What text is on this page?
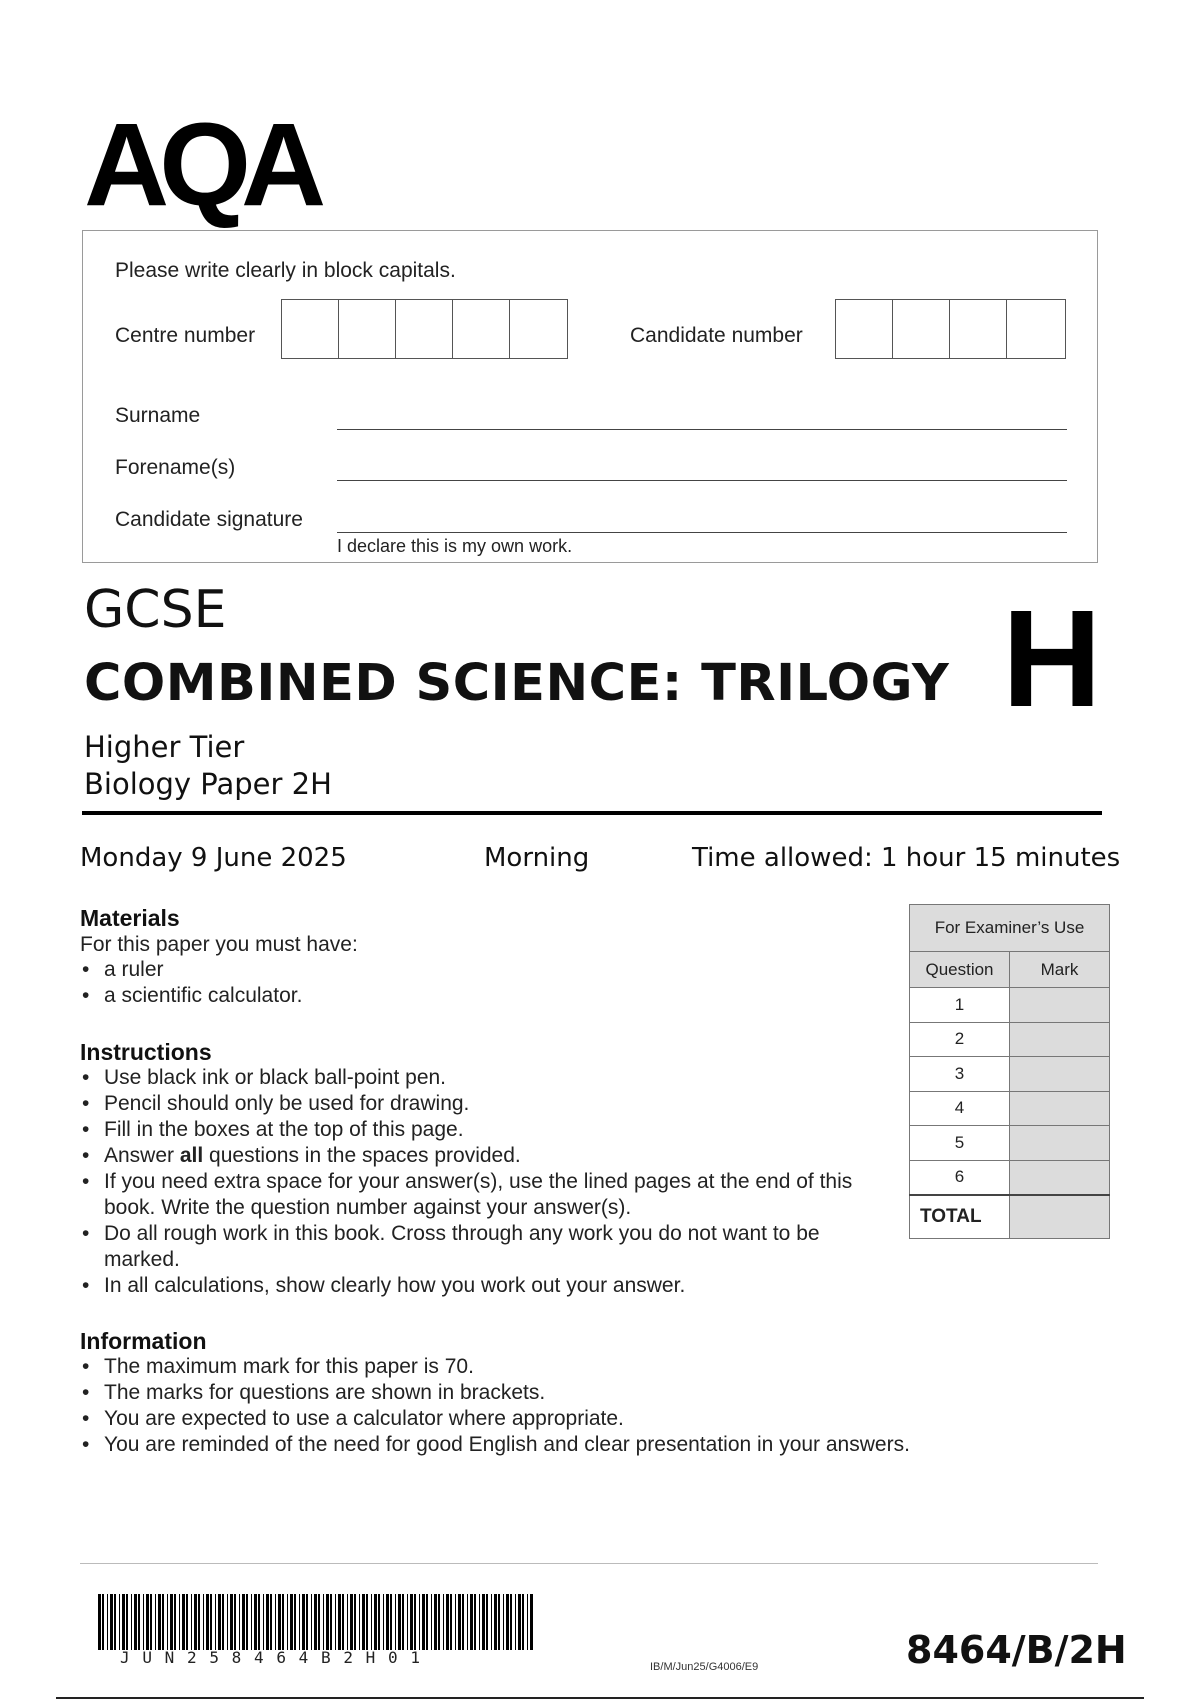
AQA
Please write clearly in block capitals.
Centre number	Candidate number
Surname
Forename(s)
Candidate signature
I declare this is my own work.
GCSE
COMBINED SCIENCE: TRILOGY H
Higher Tier
Biology Paper 2H
Monday 9 June 2025	Morning	Time allowed: 1 hour 15 minutes
Materials
For this paper you must have:
• a ruler
• a scientific calculator.
Instructions
• Use black ink or black ball-point pen.
• Pencil should only be used for drawing.
• Fill in the boxes at the top of this page.
• Answer all questions in the spaces provided.
• If you need extra space for your answer(s), use the lined pages at the end of this book. Write the question number against your answer(s).
• Do all rough work in this book. Cross through any work you do not want to be marked.
• In all calculations, show clearly how you work out your answer.
Information
• The maximum mark for this paper is 70.
• The marks for questions are shown in brackets.
• You are expected to use a calculator where appropriate.
• You are reminded of the need for good English and clear presentation in your answers.
For Examiner’s Use	
Question	Mark
1	
2	
3	
4	
5	
6	
TOTAL	
JUN258464B2H01	IB/M/Jun25/G4006/E9	8464/B/2H
